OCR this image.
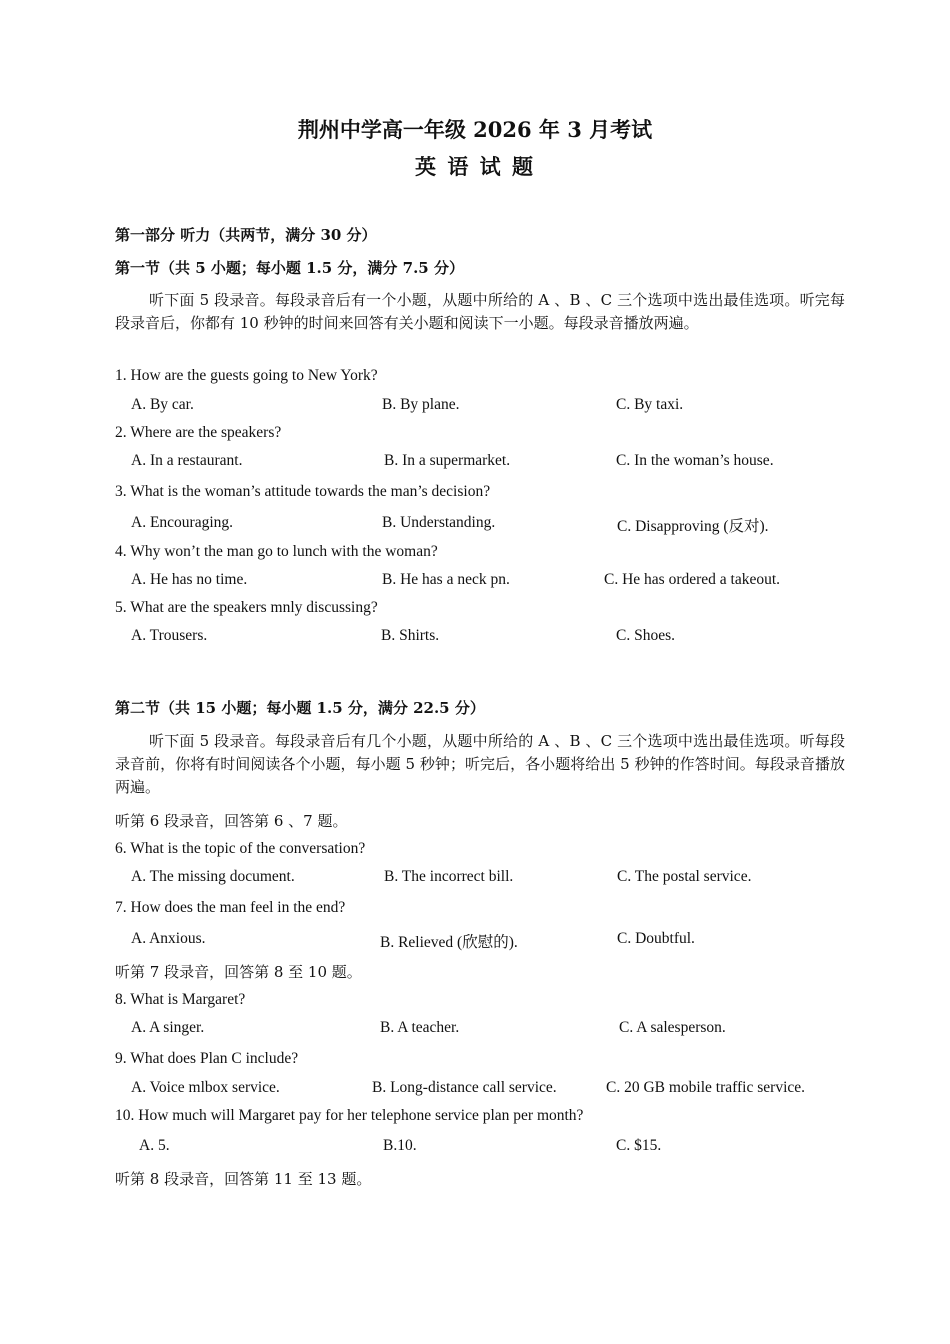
荆州中学高一年级 2026 年 3 月考试
英 语 试 题
第一部分 听力（共两节，满分 30 分）
第一节（共 5 小题；每小题 1.5 分，满分 7.5 分）
听下面 5 段录音。每段录音后有一个小题，从题中所给的 A 、B 、C 三个选项中选出最佳选项。听完每段录音后，你都有 10 秒钟的时间来回答有关小题和阅读下一小题。每段录音播放两遍。
1. How are the guests going to New York?
A. By car.	B. By plane.	C. By taxi.
2. Where are the speakers?
A. In a restaurant.	B. In a supermarket.	C. In the woman’s house.
3. What is the woman’s attitude towards the man’s decision?
A. Encouraging.	B. Understanding.	C. Disapproving (反对).
4. Why won’t the man go to lunch with the woman?
A. He has no time.	B. He has a neck pn.	C. He has ordered a takeout.
5. What are the speakers mnly discussing?
A. Trousers.	B. Shirts.	C. Shoes.
第二节（共 15 小题；每小题 1.5 分，满分 22.5 分）
听下面 5 段录音。每段录音后有几个小题，从题中所给的 A 、B 、C 三个选项中选出最佳选项。听每段录音前，你将有时间阅读各个小题，每小题 5 秒钟；听完后，各小题将给出 5 秒钟的作答时间。每段录音播放两遍。
听第 6 段录音，回答第 6 、7 题。
6. What is the topic of the conversation?
A. The missing document.	B. The incorrect bill.	C. The postal service.
7. How does the man feel in the end?
A. Anxious.	B. Relieved (欣慰的).	C. Doubtful.
听第 7 段录音，回答第 8 至 10 题。
8. What is Margaret?
A. A singer.	B. A teacher.	C. A salesperson.
9. What does Plan C include?
A. Voice mlbox service.	B. Long-distance call service.	C. 20 GB mobile traffic service.
10. How much will Margaret pay for her telephone service plan per month?
A. 5.	B.10.	C. $15.
听第 8 段录音，回答第 11 至 13 题。
